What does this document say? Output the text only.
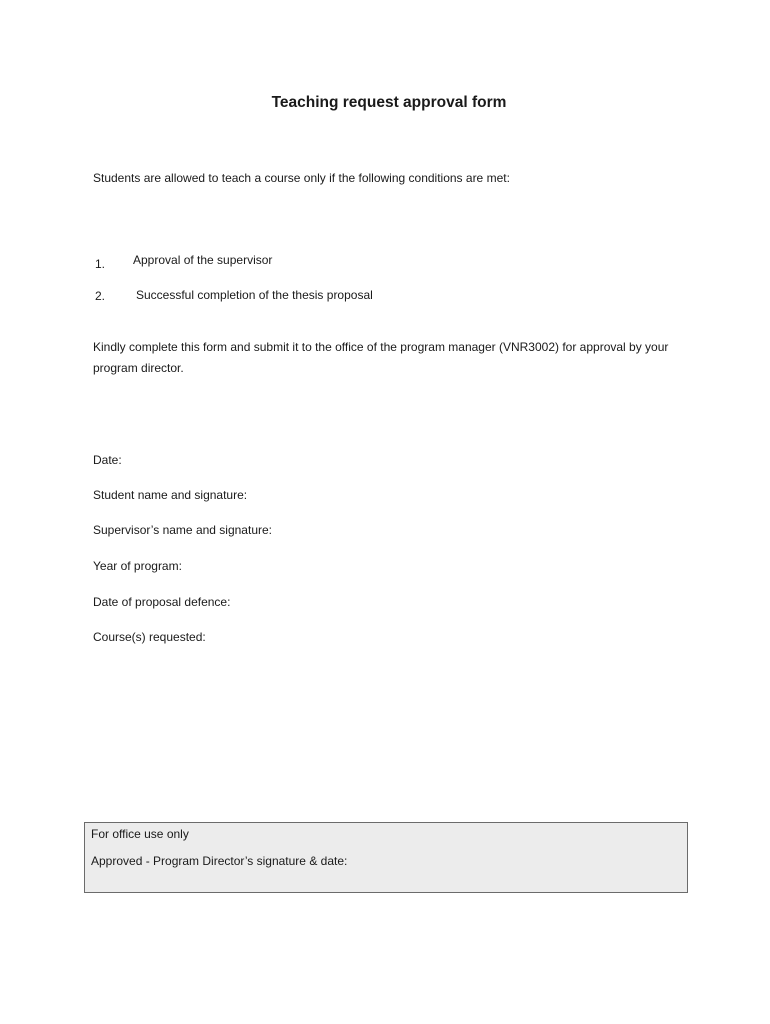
Teaching request approval form
Students are allowed to teach a course only if the following conditions are met:
1. Approval of the supervisor
2.	Successful completion of the thesis proposal
Kindly complete this form and submit it to the office of the program manager (VNR3002) for approval by your program director.
Date:
Student name and signature:
Supervisor’s name and signature:
Year of program:
Date of proposal defence:
Course(s) requested:
For office use only
Approved - Program Director’s signature & date:
